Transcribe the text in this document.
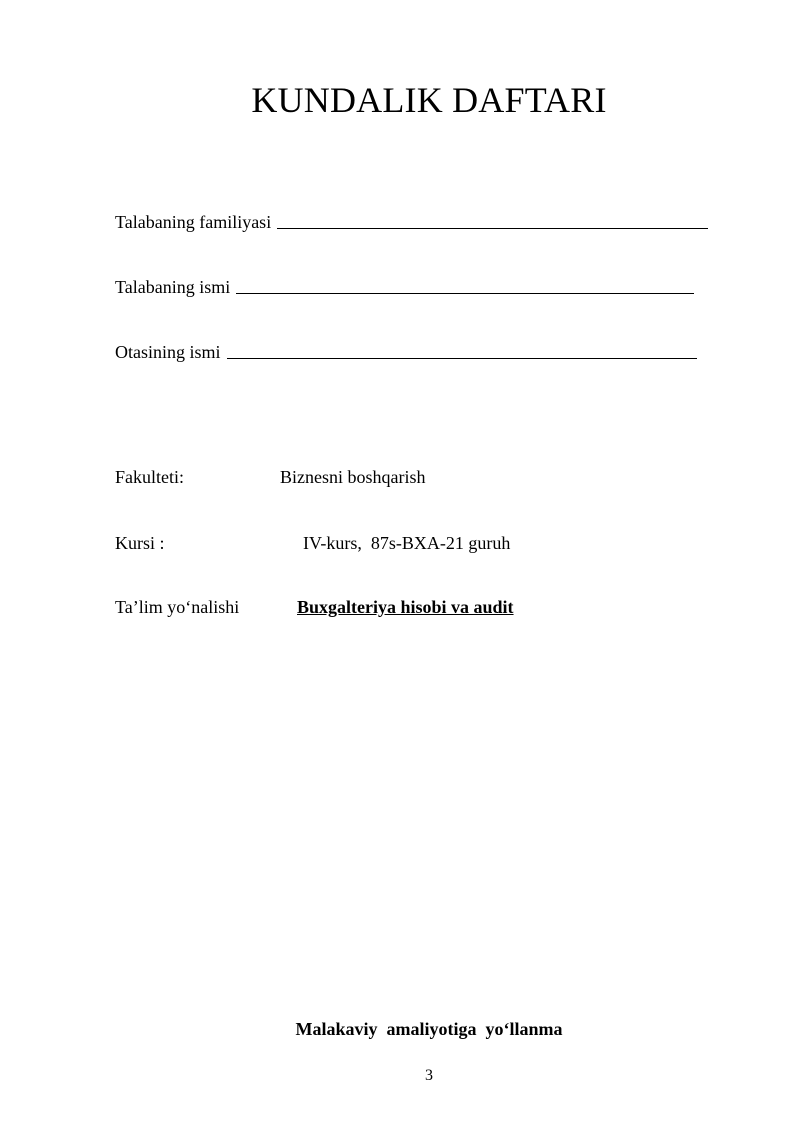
KUNDALIK DAFTARI
Talabaning familiyasi
Talabaning ismi
Otasining ismi
Fakulteti:	Biznesni boshqarish
Kursi :	IV-kurs,  87s-BXA-21 guruh
Ta’lim yo‘nalishi	Buxgalteriya hisobi va audit
Malakaviy  amaliyotiga  yo‘llanma
3
